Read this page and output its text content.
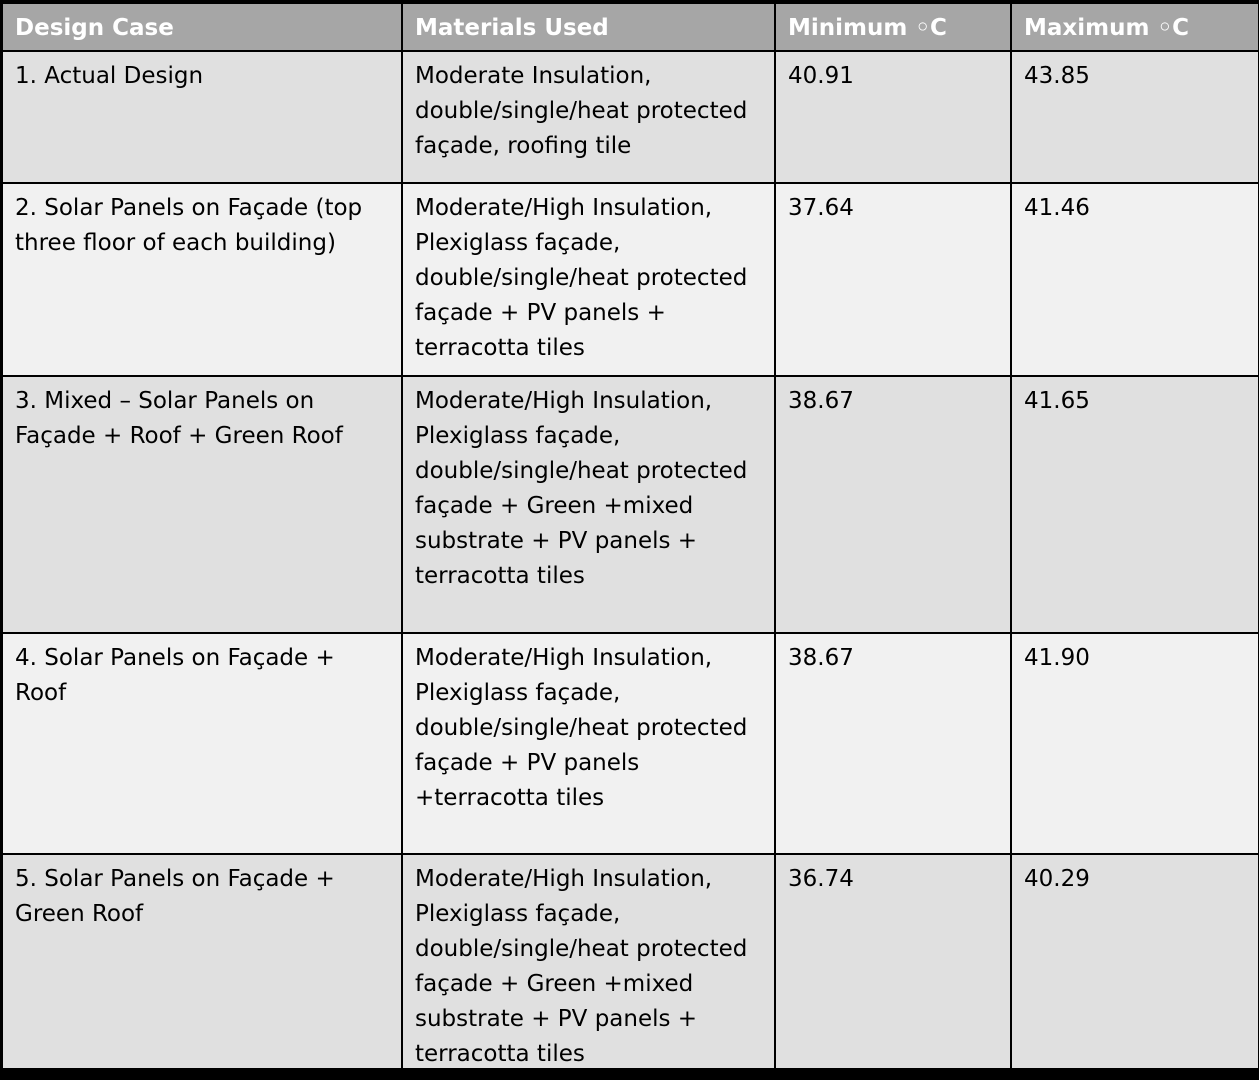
Design Case	Materials Used	Minimum ◦C	Maximum ◦C
1. Actual Design	Moderate Insulation, double/single/heat protected façade, roofing tile	40.91	43.85
2. Solar Panels on Façade (top three floor of each building)	Moderate/High Insulation, Plexiglass façade, double/single/heat protected façade + PV panels + terracotta tiles	37.64	41.46
3. Mixed – Solar Panels on Façade + Roof + Green Roof	Moderate/High Insulation, Plexiglass façade, double/single/heat protected façade + Green +mixed substrate + PV panels + terracotta tiles	38.67	41.65
4. Solar Panels on Façade + Roof	Moderate/High Insulation, Plexiglass façade, double/single/heat protected façade + PV panels +terracotta tiles	38.67	41.90
5. Solar Panels on Façade + Green Roof	Moderate/High Insulation, Plexiglass façade, double/single/heat protected façade + Green +mixed substrate + PV panels + terracotta tiles	36.74	40.29
